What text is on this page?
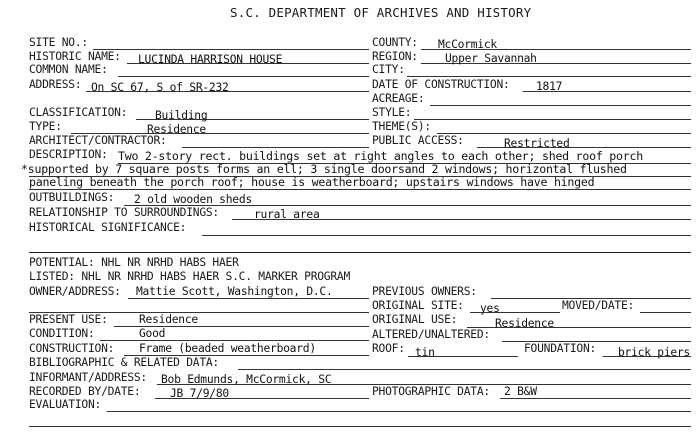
S.C. DEPARTMENT OF ARCHIVES AND HISTORY
SITE NO.:	COUNTY: McCormick
HISTORIC NAME: LUCINDA HARRISON HOUSE	REGION: Upper Savannah
COMMON NAME:	CITY:
ADDRESS: On SC 67, S of SR-232	DATE OF CONSTRUCTION: 1817
ACREAGE:
CLASSIFICATION: Building	STYLE:
TYPE:	Residence	THEME(S):
ARCHITECT/CONTRACTOR:	PUBLIC ACCESS:	Restricted
DESCRIPTION: Two 2-story rect. buildings set at right angles to each other; shed roof porch
*supported by 7 square posts forms an ell; 3 single doorsand 2 windows; horizontal flushed
paneling beneath the porch roof; house is weatherboard; upstairs windows have hinged
OUTBUILDINGS: 2 old wooden sheds
RELATIONSHIP TO SURROUNDINGS:	rural area
HISTORICAL SIGNIFICANCE:
POTENTIAL: NHL NR NRHD HABS HAER
LISTED: NHL NR NRHD HABS HAER S.C. MARKER PROGRAM
OWNER/ADDRESS: Mattie Scott, Washington, D.C.	PREVIOUS OWNERS:
ORIGINAL SITE: yes	MOVED/DATE:
PRESENT USE:	Residence	ORIGINAL USE:	Residence
CONDITION:	Good	ALTERED/UNALTERED:
CONSTRUCTION: Frame (beaded weatherboard)	ROOF: tin	FOUNDATION: brick piers
BIBLIOGRAPHIC & RELATED DATA:
INFORMANT/ADDRESS: Bob Edmunds, McCormick, SC
RECORDED BY/DATE:	JB 7/9/80	PHOTOGRAPHIC DATA: 2 B&W
EVALUATION:
